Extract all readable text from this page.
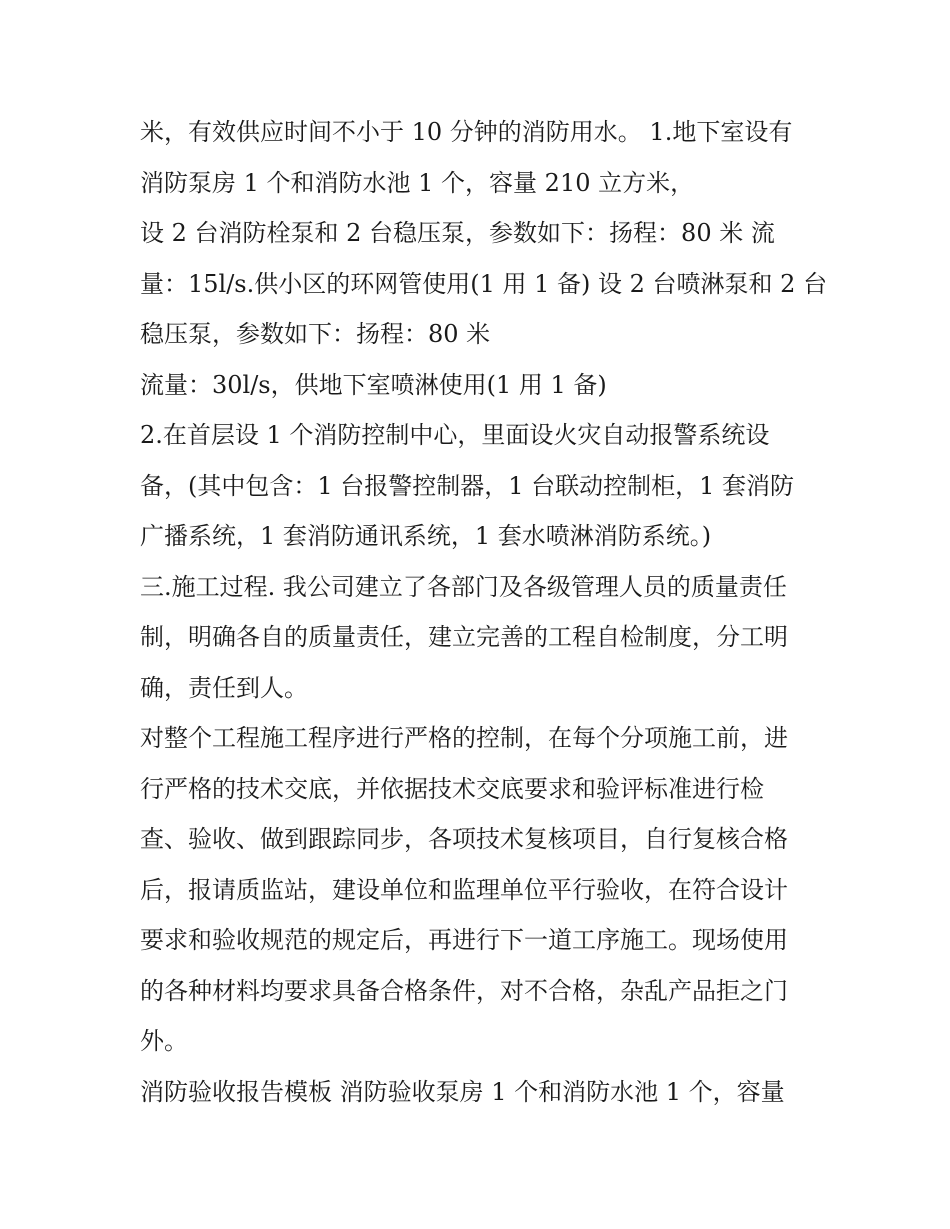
米，有效供应时间不小于 10 分钟的消防用水。 1.地下室设有
消防泵房 1 个和消防水池 1 个，容量 210 立方米，
设 2 台消防栓泵和 2 台稳压泵，参数如下：扬程：80 米 流
量：15l/s.供小区的环网管使用(1 用 1 备) 设 2 台喷淋泵和 2 台
稳压泵，参数如下：扬程：80 米
流量：30l/s，供地下室喷淋使用(1 用 1 备)
2.在首层设 1 个消防控制中心，里面设火灾自动报警系统设
备，(其中包含：1 台报警控制器，1 台联动控制柜，1 套消防
广播系统，1 套消防通讯系统，1 套水喷淋消防系统。)
三.施工过程. 我公司建立了各部门及各级管理人员的质量责任
制，明确各自的质量责任，建立完善的工程自检制度，分工明
确，责任到人。
对整个工程施工程序进行严格的控制，在每个分项施工前，进
行严格的技术交底，并依据技术交底要求和验评标准进行检
查、验收、做到跟踪同步，各项技术复核项目，自行复核合格
后，报请质监站，建设单位和监理单位平行验收，在符合设计
要求和验收规范的规定后，再进行下一道工序施工。现场使用
的各种材料均要求具备合格条件，对不合格，杂乱产品拒之门
外。
消防验收报告模板 消防验收泵房 1 个和消防水池 1 个，容量
